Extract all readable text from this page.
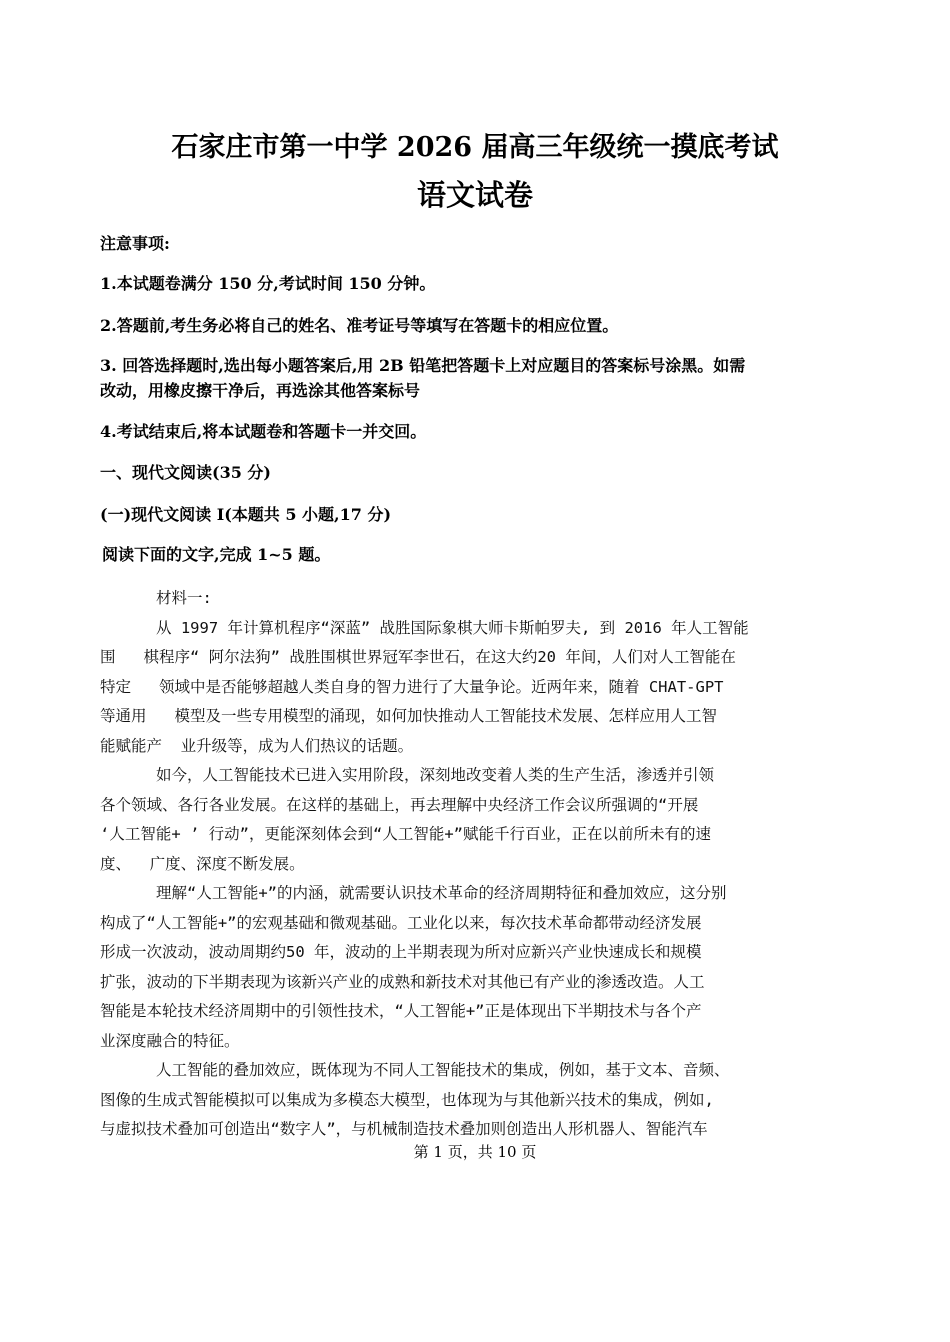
石家庄市第一中学 2026 届高三年级统一摸底考试
语文试卷

注意事项:

1.本试题卷满分 150 分,考试时间 150 分钟。

2.答题前,考生务必将自己的姓名、准考证号等填写在答题卡的相应位置。

3. 回答选择题时,选出每小题答案后,用 2B 铅笔把答题卡上对应题目的答案标号涂黑。如需

改动，用橡皮擦干净后，再选涂其他答案标号

4.考试结束后,将本试题卷和答题卡一并交回。

一、现代文阅读(35 分)

(一)现代文阅读 I(本题共 5 小题,17 分)

阅读下面的文字,完成 1~5 题。

材料一:
从 1997 年计算机程序“深蓝” 战胜国际象棋大师卡斯帕罗夫, 到 2016 年人工智能
围   棋程序“ 阿尔法狗” 战胜围棋世界冠军李世石，在这大约20 年间，人们对人工智能在
特定   领域中是否能够超越人类自身的智力进行了大量争论。近两年来，随着 CHAT-GPT
等通用   模型及一些专用模型的涌现，如何加快推动人工智能技术发展、怎样应用人工智
能赋能产  业升级等，成为人们热议的话题。
如今，人工智能技术已进入实用阶段，深刻地改变着人类的生产生活，渗透并引领
各个领域、各行各业发展。在这样的基础上，再去理解中央经济工作会议所强调的“开展
‘人工智能+ ’ 行动”，更能深刻体会到“人工智能+”赋能千行百业，正在以前所未有的速
度、  广度、深度不断发展。
理解“人工智能+”的内涵，就需要认识技术革命的经济周期特征和叠加效应，这分别
构成了“人工智能+”的宏观基础和微观基础。工业化以来，每次技术革命都带动经济发展
形成一次波动，波动周期约50 年，波动的上半期表现为所对应新兴产业快速成长和规模
扩张，波动的下半期表现为该新兴产业的成熟和新技术对其他已有产业的渗透改造。人工
智能是本轮技术经济周期中的引领性技术，“人工智能+”正是体现出下半期技术与各个产
业深度融合的特征。
人工智能的叠加效应，既体现为不同人工智能技术的集成，例如，基于文本、音频、
图像的生成式智能模拟可以集成为多模态大模型，也体现为与其他新兴技术的集成，例如,
与虚拟技术叠加可创造出“数字人”，与机械制造技术叠加则创造出人形机器人、智能汽车
第 1 页，共 10 页
